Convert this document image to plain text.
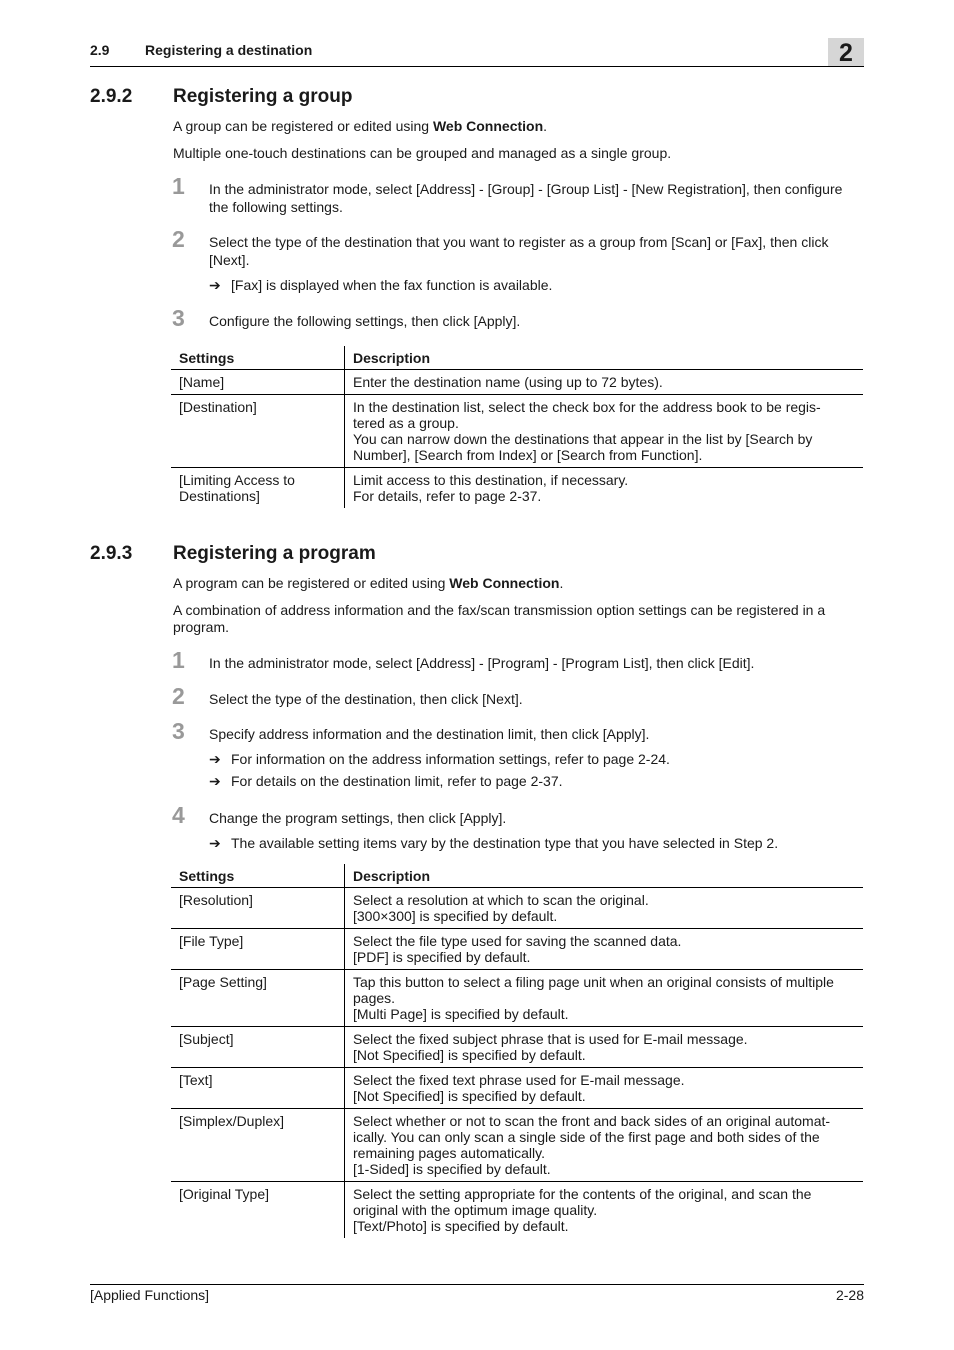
2.9	Registering a destination	2
2.9.2 Registering a group
A group can be registered or edited using Web Connection.
Multiple one-touch destinations can be grouped and managed as a single group.
1 In the administrator mode, select [Address] - [Group] - [Group List] - [New Registration], then configure the following settings.
2 Select the type of the destination that you want to register as a group from [Scan] or [Fax], then click [Next].
➔ [Fax] is displayed when the fax function is available.
3 Configure the following settings, then click [Apply].
Settings	Description
[Name]	Enter the destination name (using up to 72 bytes).
[Destination]	In the destination list, select the check box for the address book to be regis-
tered as a group.
You can narrow down the destinations that appear in the list by [Search by
Number], [Search from Index] or [Search from Function].
[Limiting Access to
Destinations]	Limit access to this destination, if necessary.
For details, refer to page 2-37.
2.9.3 Registering a program
A program can be registered or edited using Web Connection.
A combination of address information and the fax/scan transmission option settings can be registered in a program.
1 In the administrator mode, select [Address] - [Program] - [Program List], then click [Edit].
2 Select the type of the destination, then click [Next].
3 Specify address information and the destination limit, then click [Apply].
➔ For information on the address information settings, refer to page 2-24.
➔ For details on the destination limit, refer to page 2-37.
4 Change the program settings, then click [Apply].
➔ The available setting items vary by the destination type that you have selected in Step 2.
Settings	Description
[Resolution]	Select a resolution at which to scan the original.
[300×300] is specified by default.
[File Type]	Select the file type used for saving the scanned data.
[PDF] is specified by default.
[Page Setting]	Tap this button to select a filing page unit when an original consists of multiple
pages.
[Multi Page] is specified by default.
[Subject]	Select the fixed subject phrase that is used for E-mail message.
[Not Specified] is specified by default.
[Text]	Select the fixed text phrase used for E-mail message.
[Not Specified] is specified by default.
[Simplex/Duplex]	Select whether or not to scan the front and back sides of an original automat-
ically. You can only scan a single side of the first page and both sides of the
remaining pages automatically.
[1-Sided] is specified by default.
[Original Type]	Select the setting appropriate for the contents of the original, and scan the
original with the optimum image quality.
[Text/Photo] is specified by default.
[Applied Functions]	2-28
